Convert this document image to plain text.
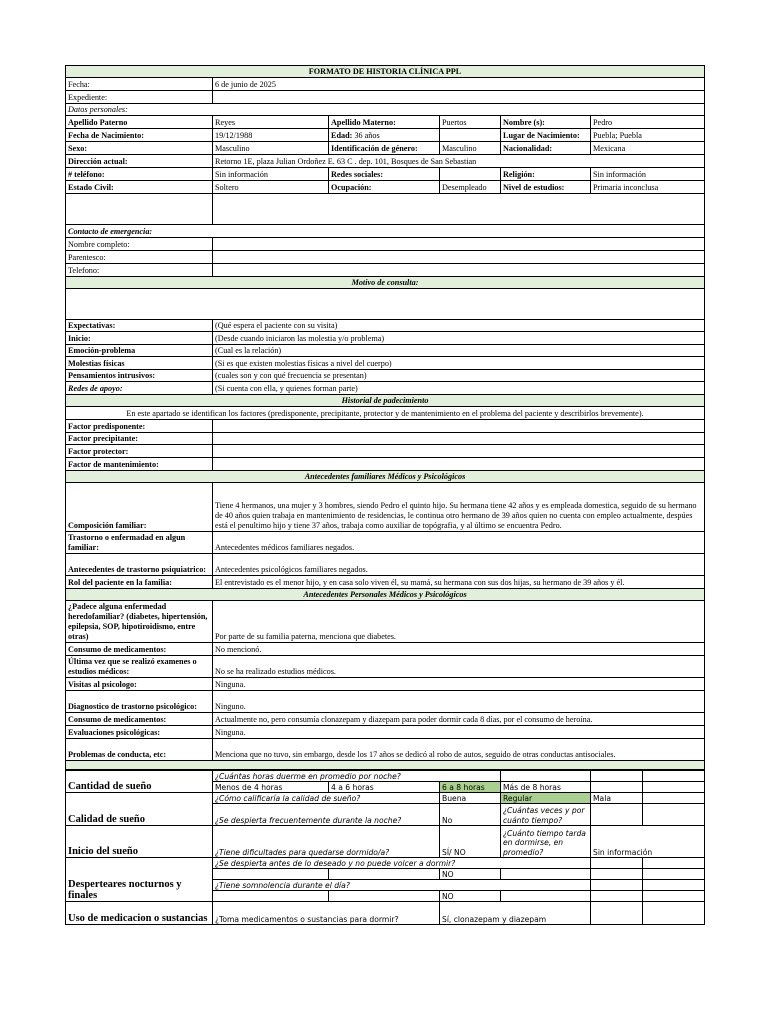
FORMATO DE HISTORIA CLÍNICA PPL					
Fecha:	6 de junio de 2025				
Expediente:					
Datos personales:					
Apellido Paterno	Reyes	Apellido Materno:	Puertos	Nombre (s):	Pedro
Fecha de Nacimiento:	19/12/1988	Edad: 36 años		Lugar de Nacimiento:	Puebla; Puebla
Sexo:	Masculino	Identificación de género:	Masculino	Nacionalidad:	Mexicana
Dirección actual:	Retorno 1E, plaza Julian Ordoñez E. 63 C . dep. 101, Bosques de San Sebastian				
# teléfono:	Sin información	Redes sociales:		Religión:	Sin información
Estado Civil:	Soltero	Ocupación:	Desempleado	Nivel de estudios:	Primaria inconclusa

Contacto de emergencia:					
Nombre completo:					
Parentesco:					
Telefono:					
Motivo de consulta:					

Expectativas:	(Qué espera el paciente con su visita)				
Inicio:	(Desde cuando iniciaron las molestia y/o problema)				
Emoción-problema	(Cual es la relación)				
Molestias físicas	(Si es que existen molestias físicas a nivel del cuerpo)				
Pensamientos intrusivos:	(cuales son y con qué frecuencia se presentan)				
Redes de apoyo:	(Si cuenta con ella, y quienes forman parte)				
Historial de padecimiento					
En este apartado se identifican los factores (predisponente, precipitante, protector y de mantenimiento en el problema del paciente y describirlos brevemente).					
Factor predisponente:					
Factor precipitante:					
Factor protector:					
Factor de mantenimiento:					
Antecedentes familiares Médicos y Psicológicos					
Composición familiar:	Tiene 4 hermanos, una mujer y 3 hombres, siendo Pedro el quinto hijo. Su hermana tiene 42 años y es empleada domestica, seguido de su hermano de 40 años quien trabaja en mantenimiento de residencias, le continua otro hermano de 39 años quien no cuenta con empleo actualmente, despúes está el penultimo hijo y tiene 37 años, trabaja como auxiliar de topógrafia, y al último se encuentra Pedro.				
Trastorno o enfermadad en algun familiar:	Antecedentes médicos familiares negados.				
Antecedentes de trastorno psiquiatrico:	Antecedentes psicológicos familiares negados.				
Rol del paciente en la familia:	El entrevistado es el menor hijo, y en casa solo viven él, su mamá, su hermana con sus dos hijas, su hermano de 39 años y él.				
Antecedentes Personales Médicos y Psicológicos					
¿Padece alguna enfermedad heredofamiliar? (diabetes, hipertensión, epilepsia, SOP, hipotiroidismo, entre otras)	Por parte de su familia paterna, menciona que diabetes.				
Consumo de medicamentos:	No mencionó.				
Última vez que se realizó examenes o estudios médicos:	No se ha realizado estudios médicos.				
Visitas al psicologo:	Ninguna.				
Diagnostico de trastorno psicológico:	Ninguno.				
Consumo de medicamentos:	Actualmente no, pero consumía clonazepam y diazepam para poder dormir cada 8 días, por el consumo de heroína.				
Evaluaciones psicológicas:	Ninguna.				
Problemas de conducta, etc:	Menciona que no tuvo, sin embargo, desde los 17 años se dedicó al robo de autos, seguido de otras conductas antisociales.				

Cantidad de sueño	¿Cuántas horas duerme en promedio por noche?					
	Menos de 4 horas	4 a 6 horas	6 a 8 horas	Más de 8 horas		
Calidad de sueño	¿Cómo calificaría la calidad de sueño?		Buena	Regular	Mala	
	¿Se despierta frecuentemente durante la noche?		No	¿Cuántas veces y por cuánto tiempo?		
Inicio del sueño	¿Tiene dificultades para quedarse dormido/a?		SÍ/ NO	¿Cuánto tiempo tarda en dormirse, en promedio?	Sin información	
Desperteares nocturnos y finales	¿Se despierta antes de lo deseado y no puede volcer a dormir?					
			NO			
	¿Tiene somnolencia durante el día?					
			NO			
Uso de medicacion o sustancias	¿Toma medicamentos o sustancias para dormir?		Sí, clonazepam y diazepam			
